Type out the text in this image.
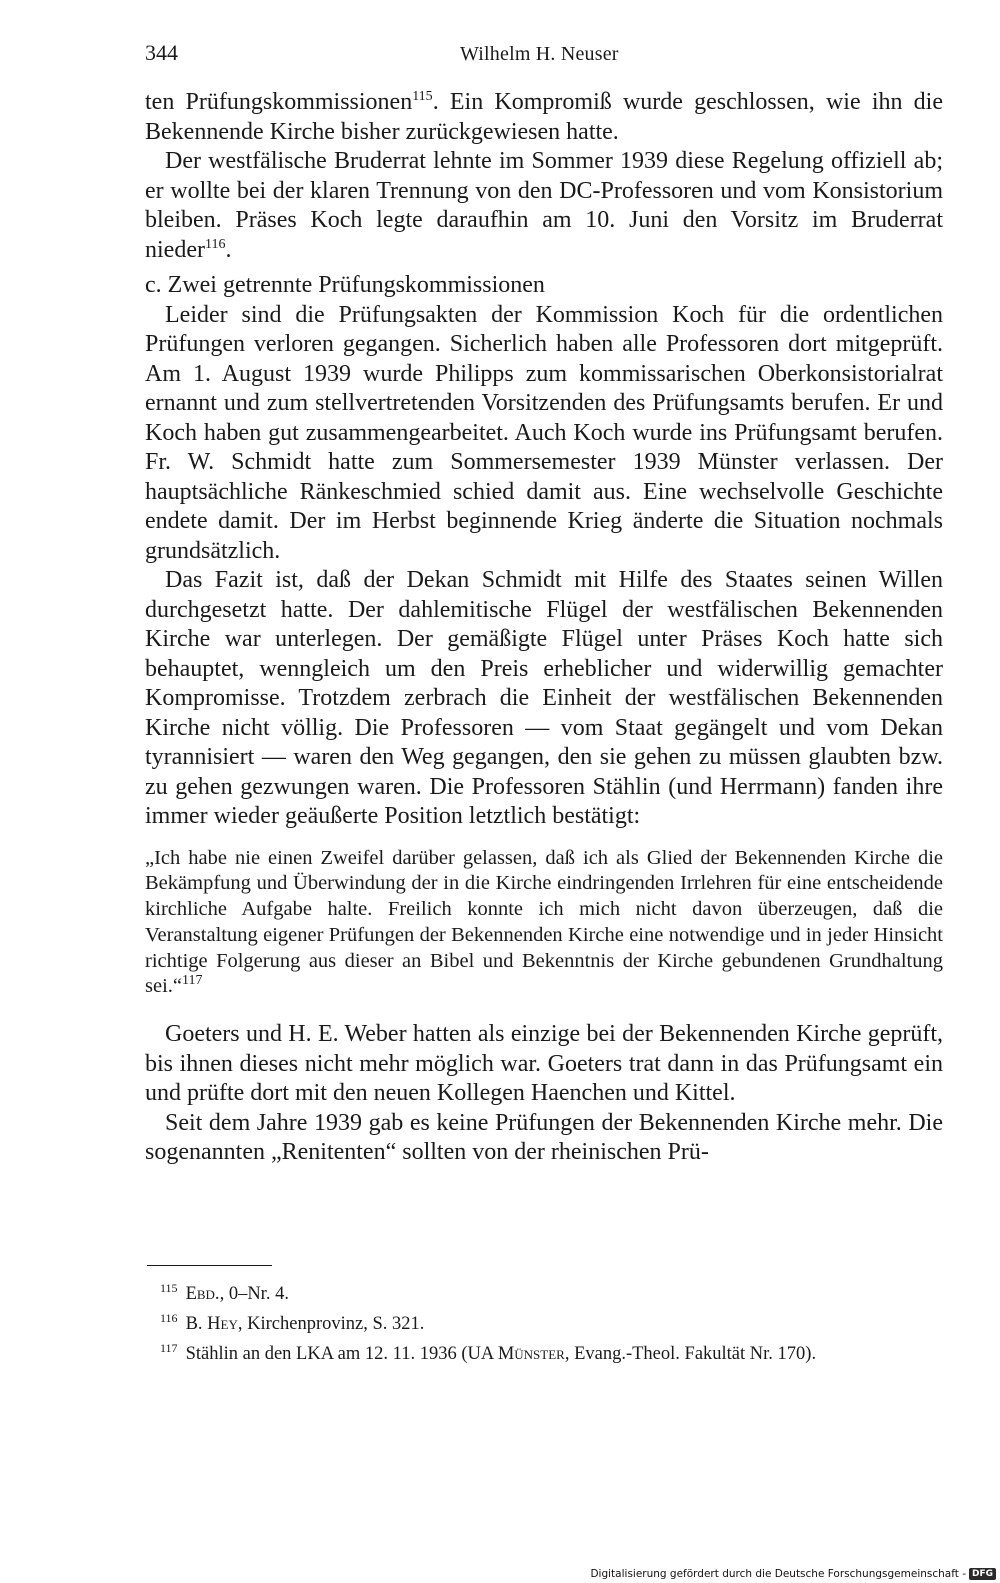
344	Wilhelm H. Neuser

ten Prüfungskommissionen$^{115}$. Ein Kompromiß wurde geschlossen, wie ihn die Bekennende Kirche bisher zurückgewiesen hatte.

Der westfälische Bruderrat lehnte im Sommer 1939 diese Regelung offiziell ab; er wollte bei der klaren Trennung von den DC-Professoren und vom Konsistorium bleiben. Präses Koch legte daraufhin am 10. Juni den Vorsitz im Bruderrat nieder$^{116}$.

c. Zwei getrennte Prüfungskommissionen

Leider sind die Prüfungsakten der Kommission Koch für die ordentlichen Prüfungen verloren gegangen. Sicherlich haben alle Professoren dort mitgeprüft. Am 1. August 1939 wurde Philipps zum kommissarischen Oberkonsistorialrat ernannt und zum stellvertretenden Vorsitzenden des Prüfungsamts berufen. Er und Koch haben gut zusammengearbeitet. Auch Koch wurde ins Prüfungsamt berufen. Fr. W. Schmidt hatte zum Sommersemester 1939 Münster verlassen. Der hauptsächliche Ränkeschmied schied damit aus. Eine wechselvolle Geschichte endete damit. Der im Herbst beginnende Krieg änderte die Situation nochmals grundsätzlich.

Das Fazit ist, daß der Dekan Schmidt mit Hilfe des Staates seinen Willen durchgesetzt hatte. Der dahlemitische Flügel der westfälischen Bekennenden Kirche war unterlegen. Der gemäßigte Flügel unter Präses Koch hatte sich behauptet, wenngleich um den Preis erheblicher und widerwillig gemachter Kompromisse. Trotzdem zerbrach die Einheit der westfälischen Bekennenden Kirche nicht völlig. Die Professoren — vom Staat gegängelt und vom Dekan tyrannisiert — waren den Weg gegangen, den sie gehen zu müssen glaubten bzw. zu gehen gezwungen waren. Die Professoren Stählin (und Herrmann) fanden ihre immer wieder geäußerte Position letztlich bestätigt:

„Ich habe nie einen Zweifel darüber gelassen, daß ich als Glied der Bekennenden Kirche die Bekämpfung und Überwindung der in die Kirche eindringenden Irrlehren für eine entscheidende kirchliche Aufgabe halte. Freilich konnte ich mich nicht davon überzeugen, daß die Veranstaltung eigener Prüfungen der Bekennenden Kirche eine notwendige und in jeder Hinsicht richtige Folgerung aus dieser an Bibel und Bekenntnis der Kirche gebundenen Grundhaltung sei.“$^{117}$

Goeters und H. E. Weber hatten als einzige bei der Bekennenden Kirche geprüft, bis ihnen dieses nicht mehr möglich war. Goeters trat dann in das Prüfungsamt ein und prüfte dort mit den neuen Kollegen Haenchen und Kittel.

Seit dem Jahre 1939 gab es keine Prüfungen der Bekennenden Kirche mehr. Die sogenannten „Renitenten“ sollten von der rheinischen Prü-

$^{115}$ Ebd., 0–Nr. 4.

$^{116}$ B. Hey, Kirchenprovinz, S. 321.

$^{117}$ Stählin an den LKA am 12. 11. 1936 (UA Münster, Evang.-Theol. Fakultät Nr. 170).

Digitalisierung gefördert durch die Deutsche Forschungsgemeinschaft - DFG
